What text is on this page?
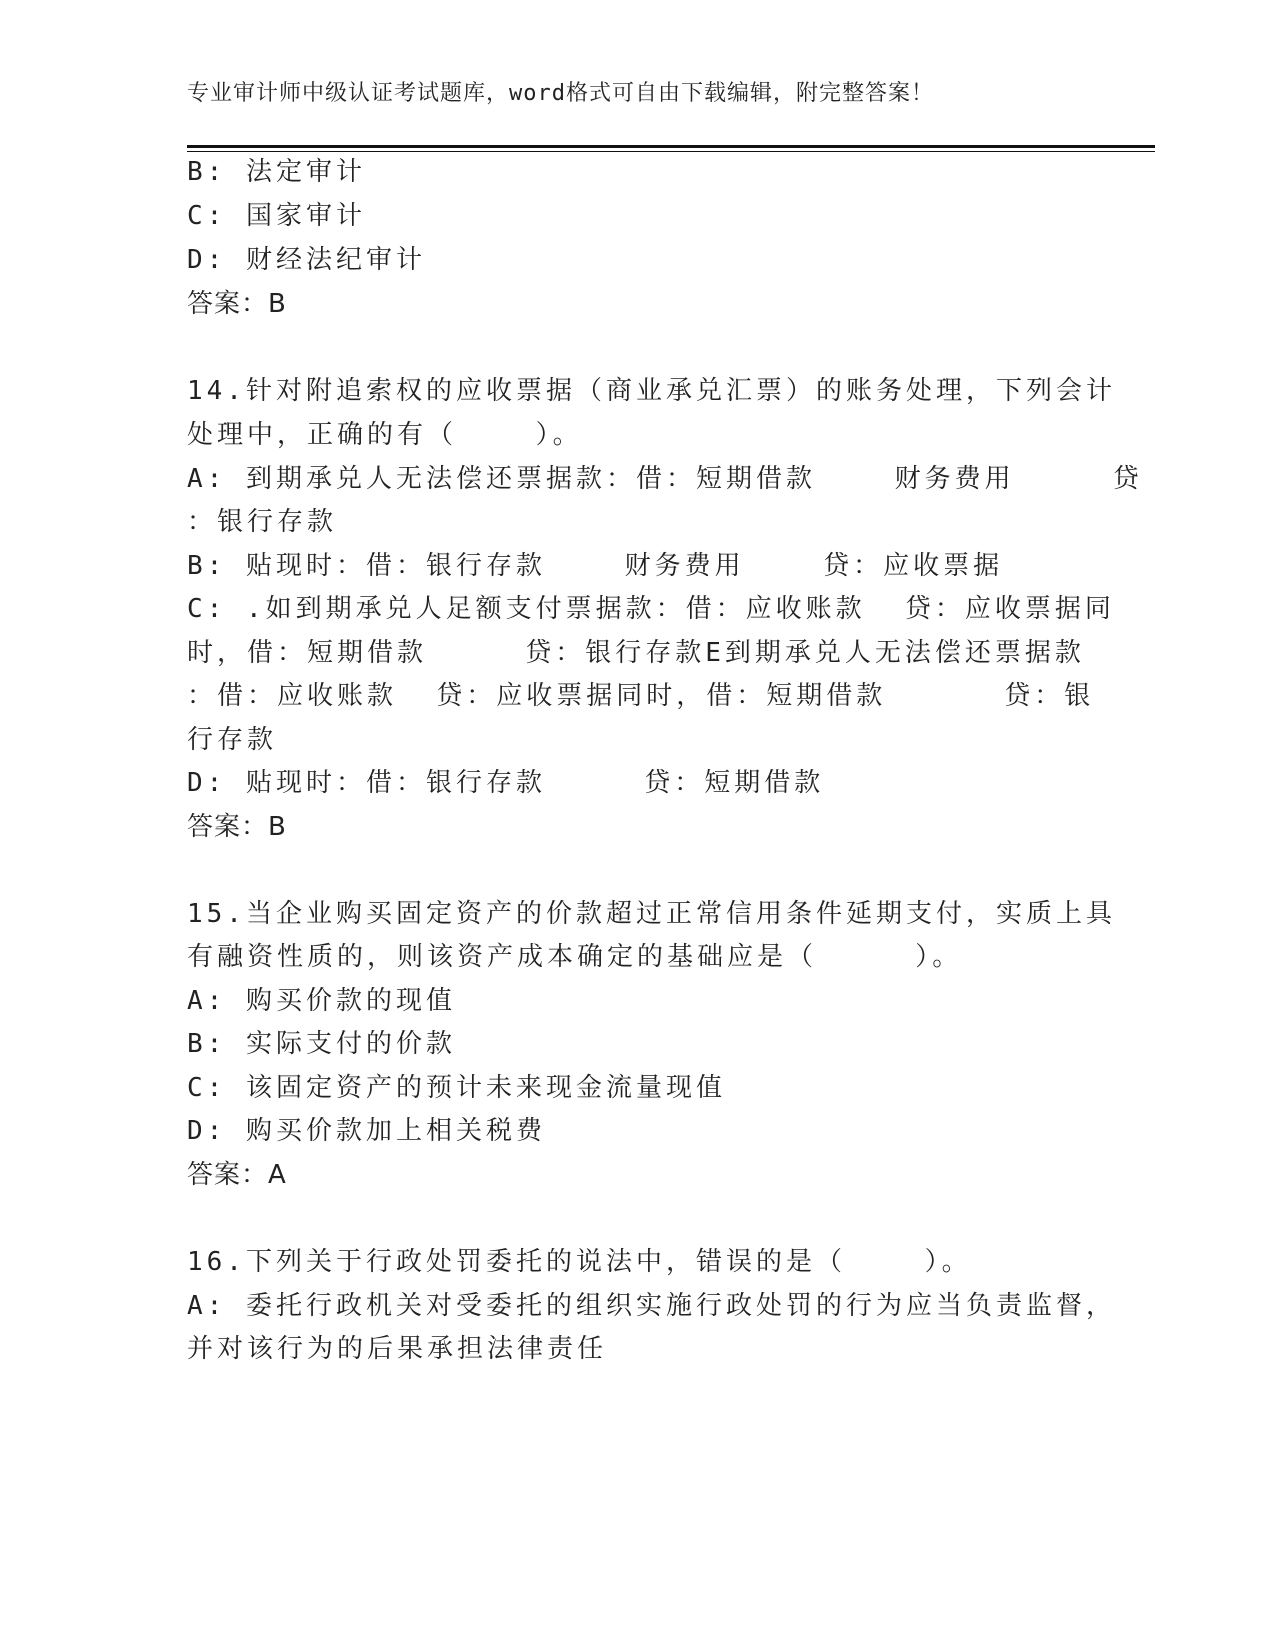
专业审计师中级认证考试题库，word格式可自由下载编辑，附完整答案！
B: 法定审计
C: 国家审计
D: 财经法纪审计
答案：B
14.针对附追索权的应收票据（商业承兑汇票）的账务处理，下列会计
处理中，正确的有（    ）。
A: 到期承兑人无法偿还票据款：借：短期借款    财务费用     贷
：银行存款
B: 贴现时：借：银行存款    财务费用    贷：应收票据
C: .如到期承兑人足额支付票据款：借：应收账款  贷：应收票据同
时，借：短期借款     贷：银行存款E到期承兑人无法偿还票据款
：借：应收账款  贷：应收票据同时，借：短期借款      贷：银
行存款
D: 贴现时：借：银行存款     贷：短期借款
答案：B
15.当企业购买固定资产的价款超过正常信用条件延期支付，实质上具
有融资性质的，则该资产成本确定的基础应是（     ）。
A: 购买价款的现值
B: 实际支付的价款
C: 该固定资产的预计未来现金流量现值
D: 购买价款加上相关税费
答案：A
16.下列关于行政处罚委托的说法中，错误的是（    ）。
A: 委托行政机关对受委托的组织实施行政处罚的行为应当负责监督，
并对该行为的后果承担法律责任
